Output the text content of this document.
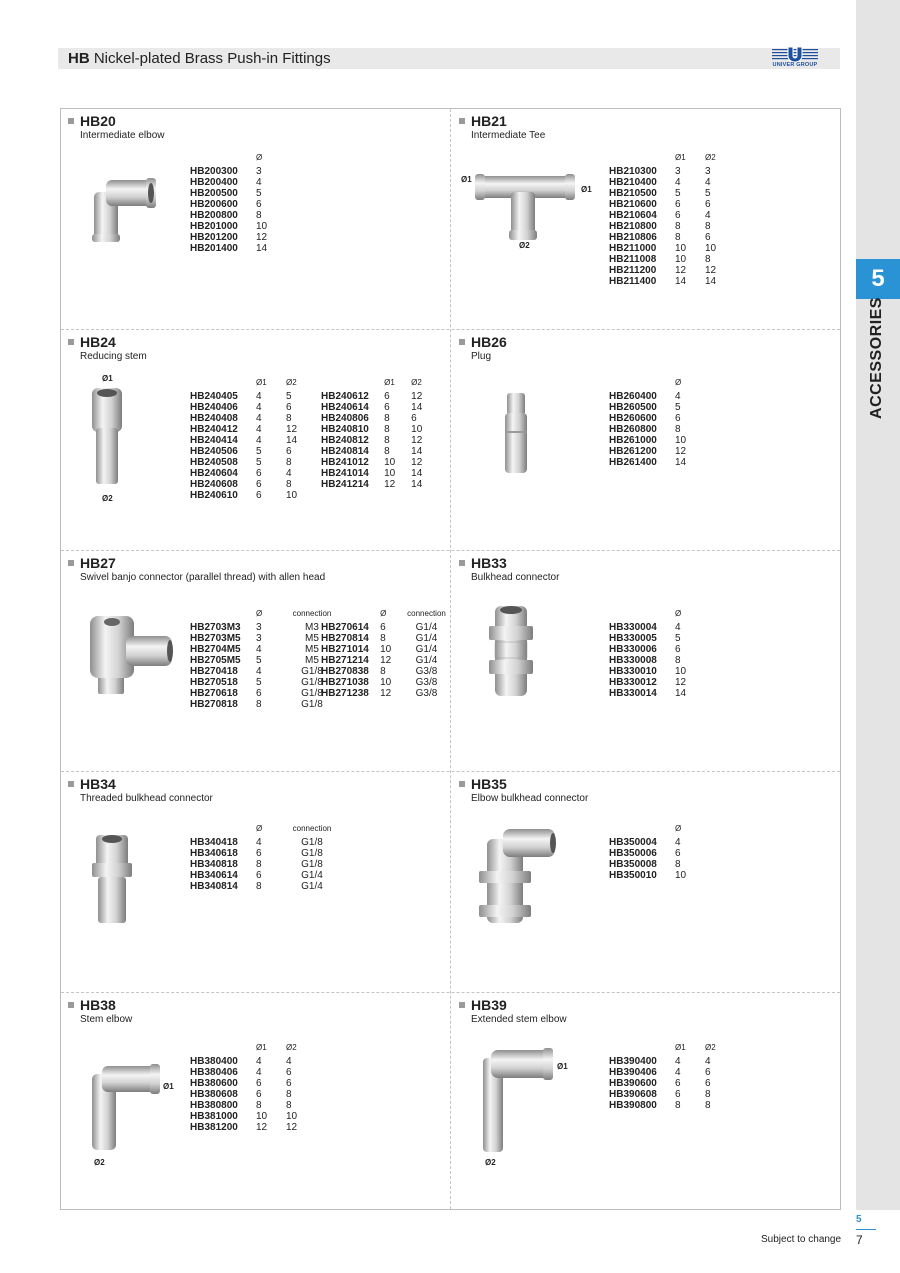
HB Nickel-plated Brass Push-in Fittings	UNIVER GROUP
5
ACCESSORIES
HB20
Intermediate elbow
	Ø
HB200300	3
HB200400	4
HB200500	5
HB200600	6
HB200800	8
HB201000	10
HB201200	12
HB201400	14
HB21
Intermediate Tee
Ø1
Ø1
Ø2
	Ø1	Ø2
HB210300	3	3
HB210400	4	4
HB210500	5	5
HB210600	6	6
HB210604	6	4
HB210800	8	8
HB210806	8	6
HB211000	10	10
HB211008	10	8
HB211200	12	12
HB211400	14	14
HB24
Reducing stem
Ø1
Ø2
	Ø1	Ø2
HB240405	4	5
HB240406	4	6
HB240408	4	8
HB240412	4	12
HB240414	4	14
HB240506	5	6
HB240508	5	8
HB240604	6	4
HB240608	6	8
HB240610	6	10
	Ø1	Ø2
HB240612	6	12
HB240614	6	14
HB240806	8	6
HB240810	8	10
HB240812	8	12
HB240814	8	14
HB241012	10	12
HB241014	10	14
HB241214	12	14
HB26
Plug
	Ø
HB260400	4
HB260500	5
HB260600	6
HB260800	8
HB261000	10
HB261200	12
HB261400	14
HB27
Swivel banjo connector (parallel thread) with allen head
	Ø	connection
HB2703M3	3	M3
HB2703M5	3	M5
HB2704M5	4	M5
HB2705M5	5	M5
HB270418	4	G1/8
HB270518	5	G1/8
HB270618	6	G1/8
HB270818	8	G1/8
	Ø	connection
HB270614	6	G1/4
HB270814	8	G1/4
HB271014	10	G1/4
HB271214	12	G1/4
HB270838	8	G3/8
HB271038	10	G3/8
HB271238	12	G3/8
HB33
Bulkhead connector
	Ø
HB330004	4
HB330005	5
HB330006	6
HB330008	8
HB330010	10
HB330012	12
HB330014	14
HB34
Threaded bulkhead connector
	Ø	connection
HB340418	4	G1/8
HB340618	6	G1/8
HB340818	8	G1/8
HB340614	6	G1/4
HB340814	8	G1/4
HB35
Elbow bulkhead connector
	Ø
HB350004	4
HB350006	6
HB350008	8
HB350010	10
HB38
Stem elbow
Ø1
Ø2
	Ø1	Ø2
HB380400	4	4
HB380406	4	6
HB380600	6	6
HB380608	6	8
HB380800	8	8
HB381000	10	10
HB381200	12	12
HB39
Extended stem elbow
Ø1
Ø2
	Ø1	Ø2
HB390400	4	4
HB390406	4	6
HB390600	6	6
HB390608	6	8
HB390800	8	8
Subject to change
5
7
